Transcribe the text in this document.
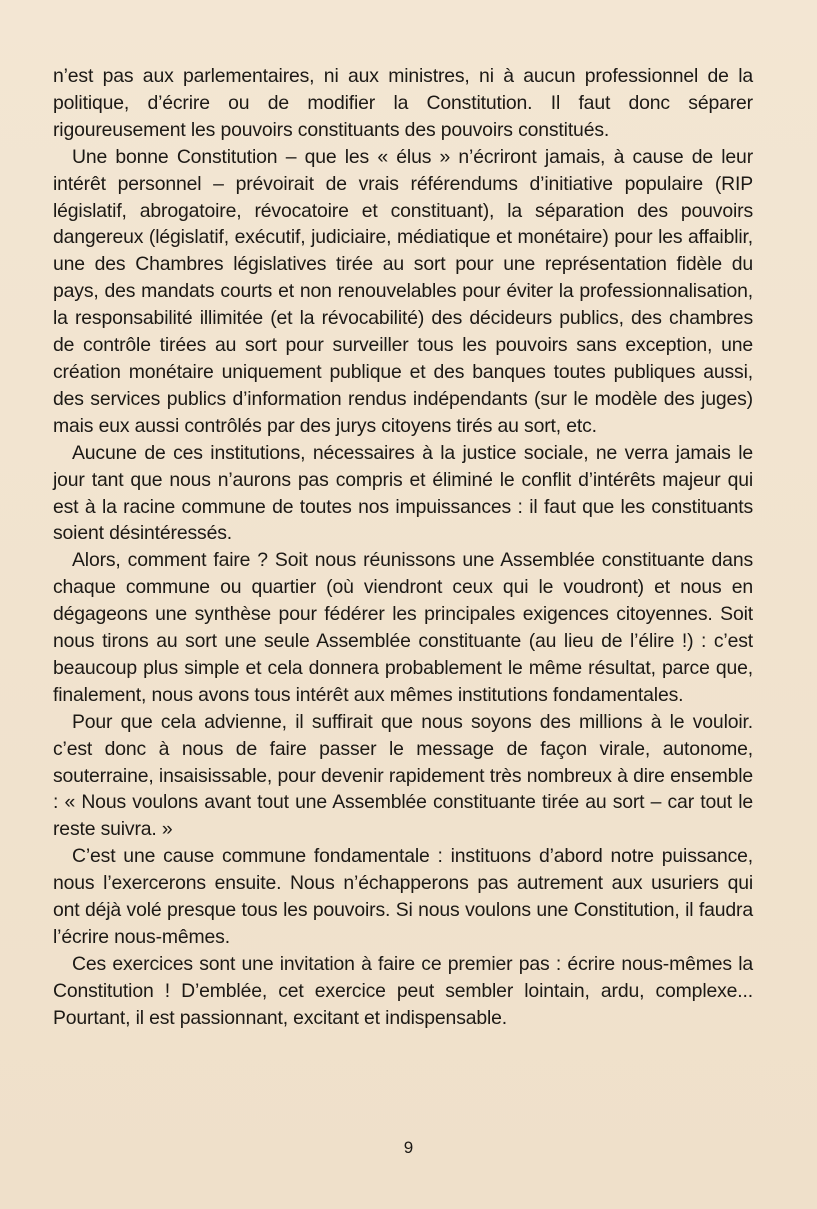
n’est pas aux parlementaires, ni aux ministres, ni à aucun professionnel de la politique, d’écrire ou de modifier la Constitution. Il faut donc séparer rigoureusement les pouvoirs constituants des pouvoirs constitués.

Une bonne Constitution – que les « élus » n’écriront jamais, à cause de leur intérêt personnel – prévoirait de vrais référendums d’initiative populaire (RIP législatif, abrogatoire, révocatoire et constituant), la séparation des pouvoirs dangereux (législatif, exécutif, judiciaire, médiatique et monétaire) pour les affaiblir, une des Chambres législatives tirée au sort pour une représentation fidèle du pays, des mandats courts et non renouvelables pour éviter la professionnalisation, la responsabilité illimitée (et la révocabilité) des décideurs publics, des chambres de contrôle tirées au sort pour surveiller tous les pouvoirs sans exception, une création monétaire uniquement publique et des banques toutes publiques aussi, des services publics d’information rendus indépendants (sur le modèle des juges) mais eux aussi contrôlés par des jurys citoyens tirés au sort, etc.

Aucune de ces institutions, nécessaires à la justice sociale, ne verra jamais le jour tant que nous n’aurons pas compris et éliminé le conflit d’intérêts majeur qui est à la racine commune de toutes nos impuissances : il faut que les constituants soient désintéressés.

Alors, comment faire ? Soit nous réunissons une Assemblée constituante dans chaque commune ou quartier (où viendront ceux qui le voudront) et nous en dégageons une synthèse pour fédérer les principales exigences citoyennes. Soit nous tirons au sort une seule Assemblée constituante (au lieu de l’élire !) : c’est beaucoup plus simple et cela donnera probablement le même résultat, parce que, finalement, nous avons tous intérêt aux mêmes institutions fondamentales.

Pour que cela advienne, il suffirait que nous soyons des millions à le vouloir. c’est donc à nous de faire passer le message de façon virale, autonome, souterraine, insaisissable, pour devenir rapidement très nombreux à dire ensemble : « Nous voulons avant tout une Assemblée constituante tirée au sort – car tout le reste suivra. »

C’est une cause commune fondamentale : instituons d’abord notre puissance, nous l’exercerons ensuite. Nous n’échapperons pas autrement aux usuriers qui ont déjà volé presque tous les pouvoirs. Si nous voulons une Constitution, il faudra l’écrire nous-mêmes.

Ces exercices sont une invitation à faire ce premier pas : écrire nous-mêmes la Constitution ! D’emblée, cet exercice peut sembler lointain, ardu, complexe... Pourtant, il est passionnant, excitant et indispensable.

9
